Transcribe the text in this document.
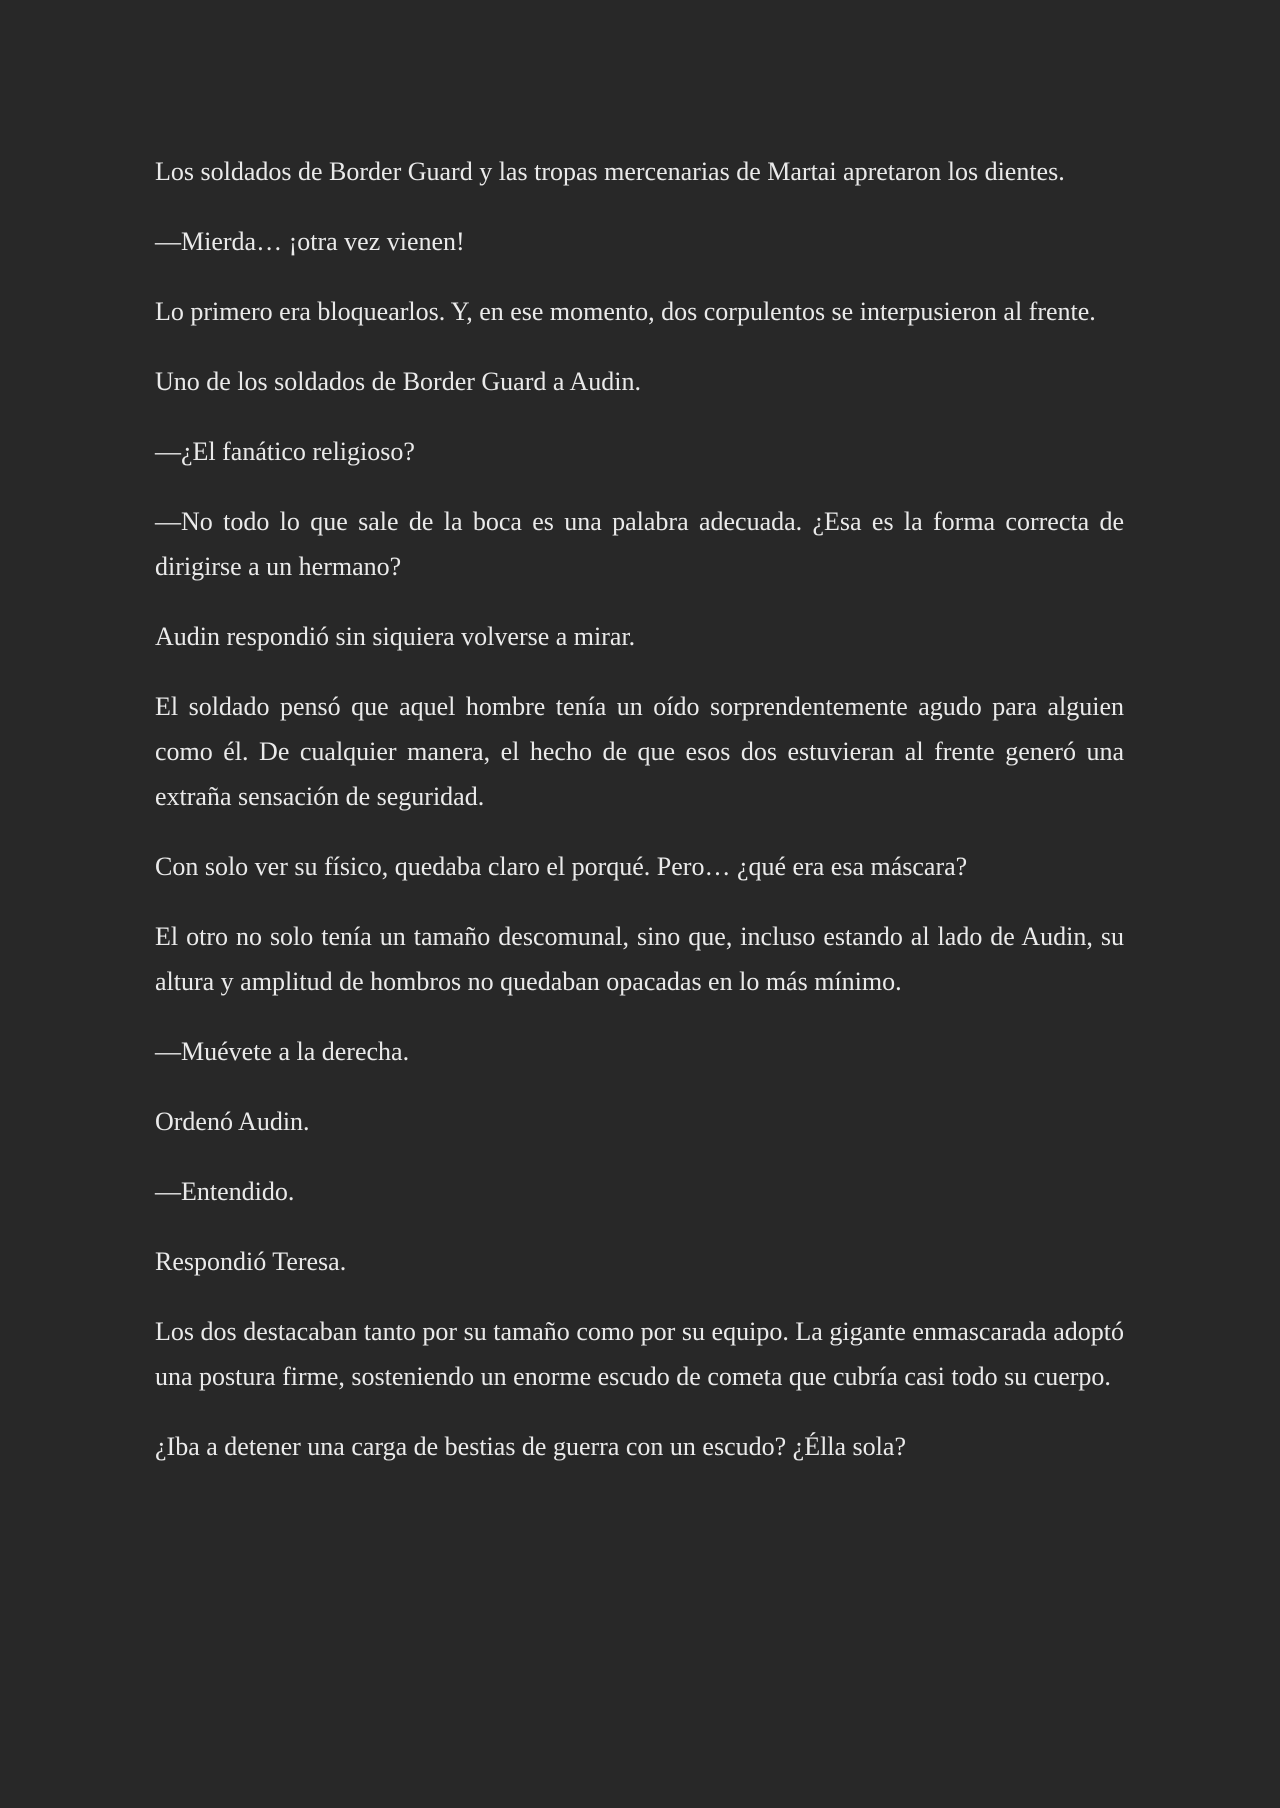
Los soldados de Border Guard y las tropas mercenarias de Martai apretaron los dientes.

—Mierda… ¡otra vez vienen!

Lo primero era bloquearlos. Y, en ese momento, dos corpulentos se interpusieron al frente.

Uno de los soldados de Border Guard a Audin.

—¿El fanático religioso?

—No todo lo que sale de la boca es una palabra adecuada. ¿Esa es la forma correcta de dirigirse a un hermano?

Audin respondió sin siquiera volverse a mirar.

El soldado pensó que aquel hombre tenía un oído sorprendentemente agudo para alguien como él. De cualquier manera, el hecho de que esos dos estuvieran al frente generó una extraña sensación de seguridad.

Con solo ver su físico, quedaba claro el porqué. Pero… ¿qué era esa máscara?

El otro no solo tenía un tamaño descomunal, sino que, incluso estando al lado de Audin, su altura y amplitud de hombros no quedaban opacadas en lo más mínimo.

—Muévete a la derecha.

Ordenó Audin.

—Entendido.

Respondió Teresa.

Los dos destacaban tanto por su tamaño como por su equipo. La gigante enmascarada adoptó una postura firme, sosteniendo un enorme escudo de cometa que cubría casi todo su cuerpo.

¿Iba a detener una carga de bestias de guerra con un escudo? ¿Élla sola?
